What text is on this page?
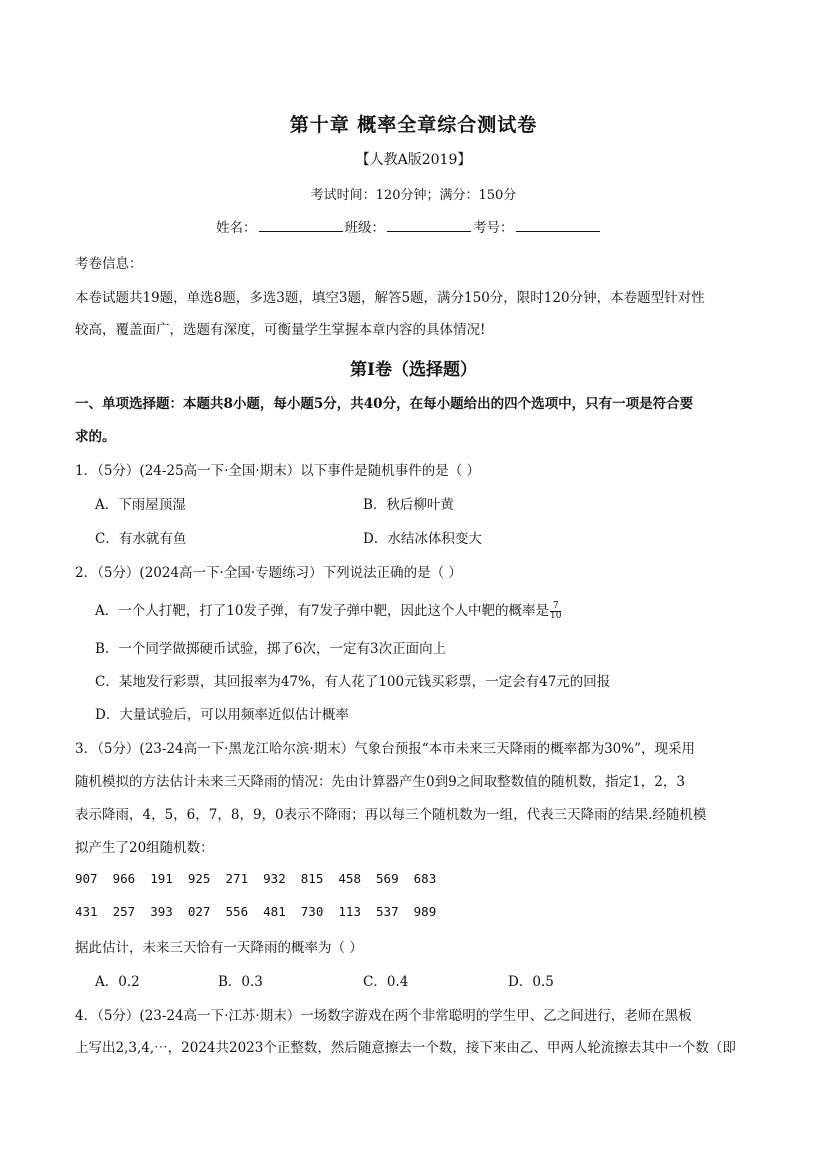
第十章 概率全章综合测试卷
【人教A版2019】
考试时间：120分钟；满分：150分
姓名：	班级：	考号：
考卷信息：
本卷试题共19题，单选8题，多选3题，填空3题，解答5题，满分150分，限时120分钟，本卷题型针对性
较高，覆盖面广，选题有深度，可衡量学生掌握本章内容的具体情况!
第I卷（选择题）
一、单项选择题：本题共8小题，每小题5分，共40分，在每小题给出的四个选项中，只有一项是符合要
求的。
1．（5分）(24-25高一下·全国·期末）以下事件是随机事件的是（ ）
A．下雨屋顶湿	B．秋后柳叶黄
C．有水就有鱼	D．水结冰体积变大
2．（5分）(2024高一下·全国·专题练习）下列说法正确的是（ ）
A．一个人打靶，打了10发子弹，有7发子弹中靶，因此这个人中靶的概率是 $\frac{7}{10}$
B．一个同学做掷硬币试验，掷了6次，一定有3次正面向上
C．某地发行彩票，其回报率为47%，有人花了100元钱买彩票，一定会有47元的回报
D．大量试验后，可以用频率近似估计概率
3．（5分）(23-24高一下·黑龙江哈尔滨·期末）气象台预报“本市未来三天降雨的概率都为30%”，现采用
随机模拟的方法估计未来三天降雨的情况：先由计算器产生0到9之间取整数值的随机数，指定1，2，3
表示降雨，4，5，6，7，8，9，0表示不降雨；再以每三个随机数为一组，代表三天降雨的结果.经随机模
拟产生了20组随机数：
907  966  191  925  271  932  815  458  569  683
431  257  393  027  556  481  730  113  537  989
据此估计，未来三天恰有一天降雨的概率为（ ）
A．0.2	B．0.3	C．0.4	D．0.5
4．（5分）(23-24高一下·江苏·期末）一场数字游戏在两个非常聪明的学生甲、乙之间进行，老师在黑板
上写出2,3,4,⋯，2024共2023个正整数，然后随意擦去一个数，接下来由乙、甲两人轮流擦去其中一个数（即
